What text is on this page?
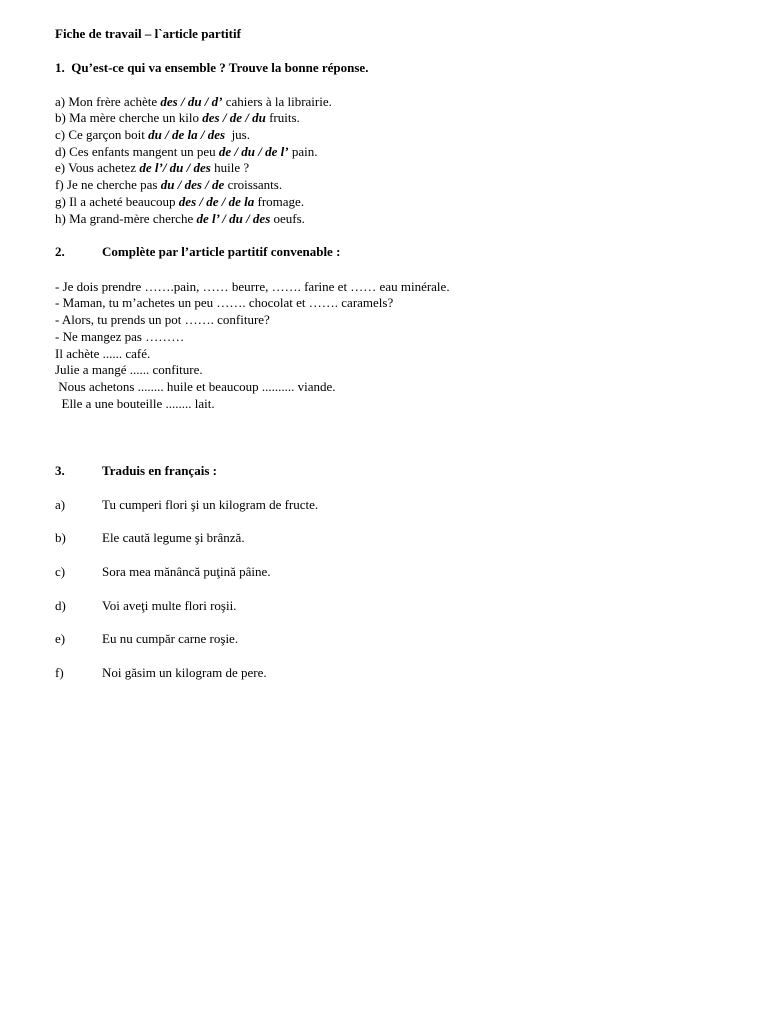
Fiche de travail – l`article partitif
1.  Qu’est-ce qui va ensemble ? Trouve la bonne réponse.
a) Mon frère achète des / du / d’ cahiers à la librairie.
b) Ma mère cherche un kilo des / de / du fruits.
c) Ce garçon boit du / de la / des  jus.
d) Ces enfants mangent un peu de / du / de l’ pain.
e) Vous achetez de l’/ du / des huile ?
f) Je ne cherche pas du / des / de croissants.
g) Il a acheté beaucoup des / de / de la fromage.
h) Ma grand-mère cherche de l’ / du / des oeufs.
2.	Complète par l’article partitif convenable :
- Je dois prendre …….pain, …… beurre, ……. farine et …… eau minérale.
- Maman, tu m’achetes un peu ……. chocolat et ……. caramels?
- Alors, tu prends un pot ……. confiture?
- Ne mangez pas ………
Il achète ...... café.
Julie a mangé ...... confiture.
Nous achetons ........ huile et beaucoup .......... viande.
Elle a une bouteille ........ lait.
3.	Traduis en français :
a)	Tu cumperi flori şi un kilogram de fructe.
b)	Ele caută legume şi brânză.
c)	Sora mea mănâncă puţină pâine.
d)	Voi aveţi multe flori roşii.
e)	Eu nu cumpăr carne roşie.
f)	Noi găsim un kilogram de pere.
